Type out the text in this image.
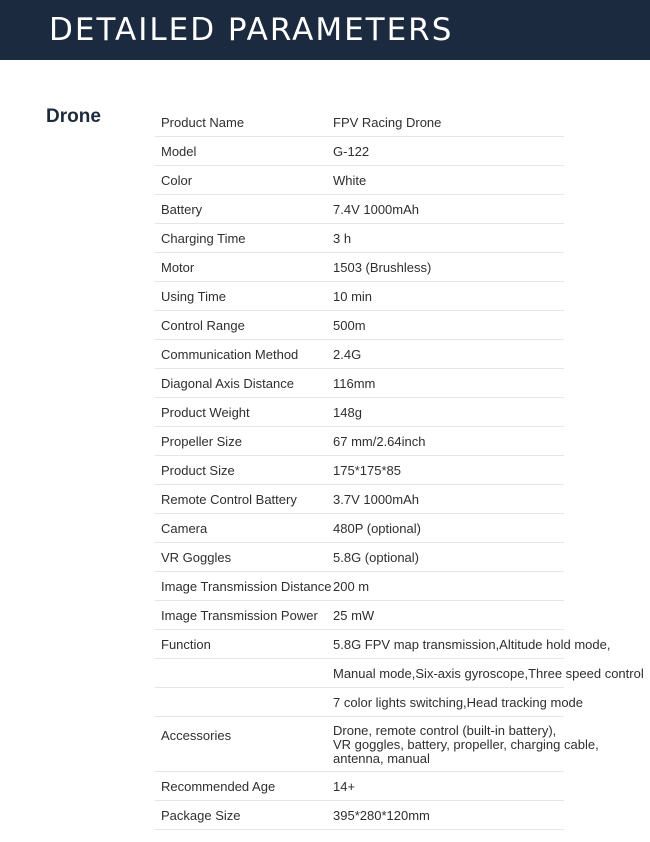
DETAILED PARAMETERS
Drone	Product Name	FPV Racing Drone
Model	G-122
Color	White
Battery	7.4V 1000mAh
Charging Time	3 h
Motor	1503 (Brushless)
Using Time	10 min
Control Range	500m
Communication Method	2.4G
Diagonal Axis Distance	116mm
Product Weight	148g
Propeller Size	67 mm/2.64inch
Product Size	175*175*85
Remote Control Battery	3.7V 1000mAh
Camera	480P (optional)
VR Goggles	5.8G (optional)
Image Transmission Distance 200 m
Image Transmission Power 25 mW
Function	5.8G FPV map transmission,Altitude hold mode,
Manual mode,Six-axis gyroscope,Three speed control
7 color lights switching,Head tracking mode
Accessories	Drone, remote control (built-in battery),
VR goggles, battery, propeller, charging cable,
antenna, manual
Recommended Age	14+
Package Size	395*280*120mm
